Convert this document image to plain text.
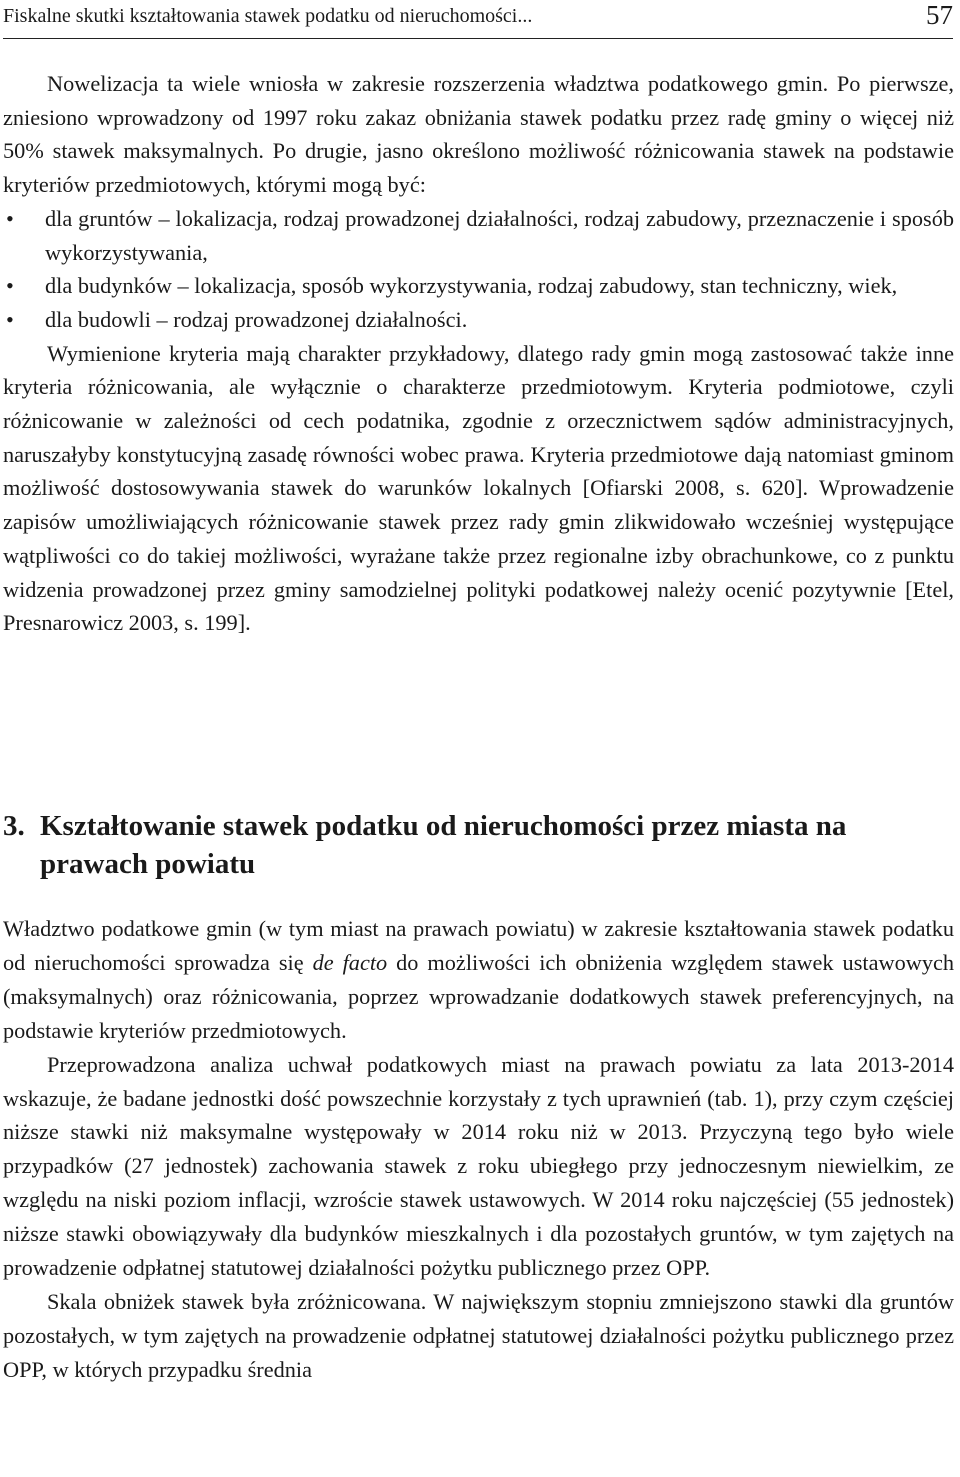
Fiskalne skutki kształtowania stawek podatku od nieruchomości...	57

Nowelizacja ta wiele wniosła w zakresie rozszerzenia władztwa podatkowego gmin. Po pierwsze, zniesiono wprowadzony od 1997 roku zakaz obniżania stawek podatku przez radę gminy o więcej niż 50% stawek maksymalnych. Po drugie, jasno określono możliwość różnicowania stawek na podstawie kryteriów przedmiotowych, którymi mogą być:

• dla gruntów – lokalizacja, rodzaj prowadzonej działalności, rodzaj zabudowy, przeznaczenie i sposób wykorzystywania,
• dla budynków – lokalizacja, sposób wykorzystywania, rodzaj zabudowy, stan techniczny, wiek,
• dla budowli – rodzaj prowadzonej działalności.

Wymienione kryteria mają charakter przykładowy, dlatego rady gmin mogą zastosować także inne kryteria różnicowania, ale wyłącznie o charakterze przedmiotowym. Kryteria podmiotowe, czyli różnicowanie w zależności od cech podatnika, zgodnie z orzecznictwem sądów administracyjnych, naruszałyby konstytucyjną zasadę równości wobec prawa. Kryteria przedmiotowe dają natomiast gminom możliwość dostosowywania stawek do warunków lokalnych [Ofiarski 2008, s. 620]. Wprowadzenie zapisów umożliwiających różnicowanie stawek przez rady gmin zlikwidowało wcześniej występujące wątpliwości co do takiej możliwości, wyrażane także przez regionalne izby obrachunkowe, co z punktu widzenia prowadzonej przez gminy samodzielnej polityki podatkowej należy ocenić pozytywnie [Etel, Presnarowicz 2003, s. 199].

3. Kształtowanie stawek podatku od nieruchomości przez miasta na prawach powiatu

Władztwo podatkowe gmin (w tym miast na prawach powiatu) w zakresie kształtowania stawek podatku od nieruchomości sprowadza się de facto do możliwości ich obniżenia względem stawek ustawowych (maksymalnych) oraz różnicowania, poprzez wprowadzanie dodatkowych stawek preferencyjnych, na podstawie kryteriów przedmiotowych.

Przeprowadzona analiza uchwał podatkowych miast na prawach powiatu za lata 2013-2014 wskazuje, że badane jednostki dość powszechnie korzystały z tych uprawnień (tab. 1), przy czym częściej niższe stawki niż maksymalne występowały w 2014 roku niż w 2013. Przyczyną tego było wiele przypadków (27 jednostek) zachowania stawek z roku ubiegłego przy jednoczesnym niewielkim, ze względu na niski poziom inflacji, wzroście stawek ustawowych. W 2014 roku najczęściej (55 jednostek) niższe stawki obowiązywały dla budynków mieszkalnych i dla pozostałych gruntów, w tym zajętych na prowadzenie odpłatnej statutowej działalności pożytku publicznego przez OPP.

Skala obniżek stawek była zróżnicowana. W największym stopniu zmniejszono stawki dla gruntów pozostałych, w tym zajętych na prowadzenie odpłatnej statutowej działalności pożytku publicznego przez OPP, w których przypadku średnia
